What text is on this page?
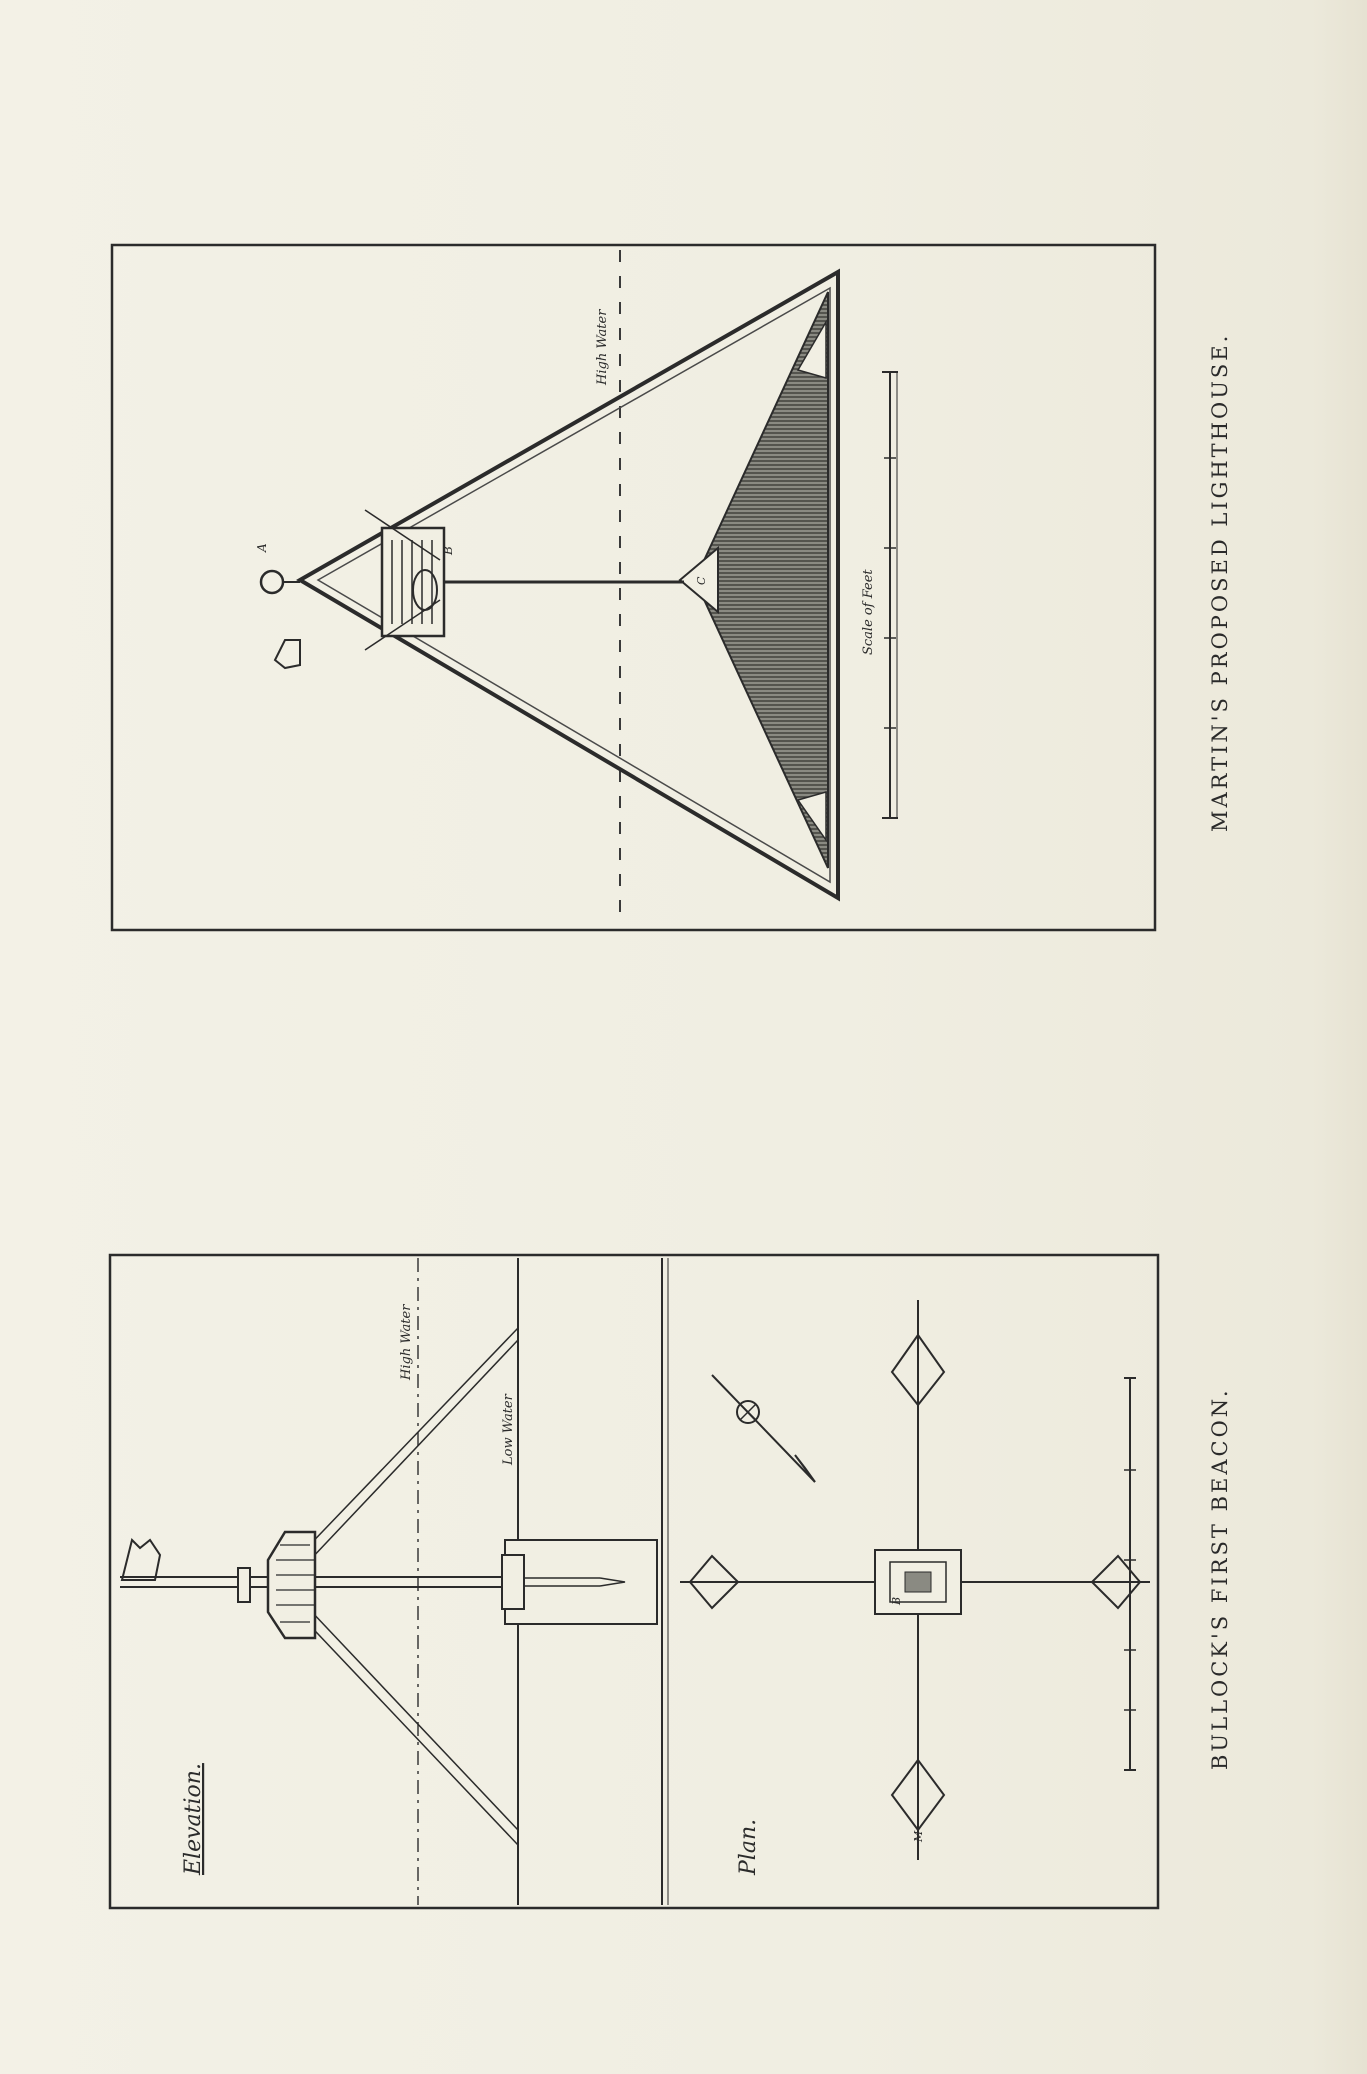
High Water
Scale of Feet
A	B
C
Elevation.	Plan.
High Water
Low Water
B
M
MARTIN'S PROPOSED LIGHTHOUSE.
BULLOCK'S FIRST BEACON.
